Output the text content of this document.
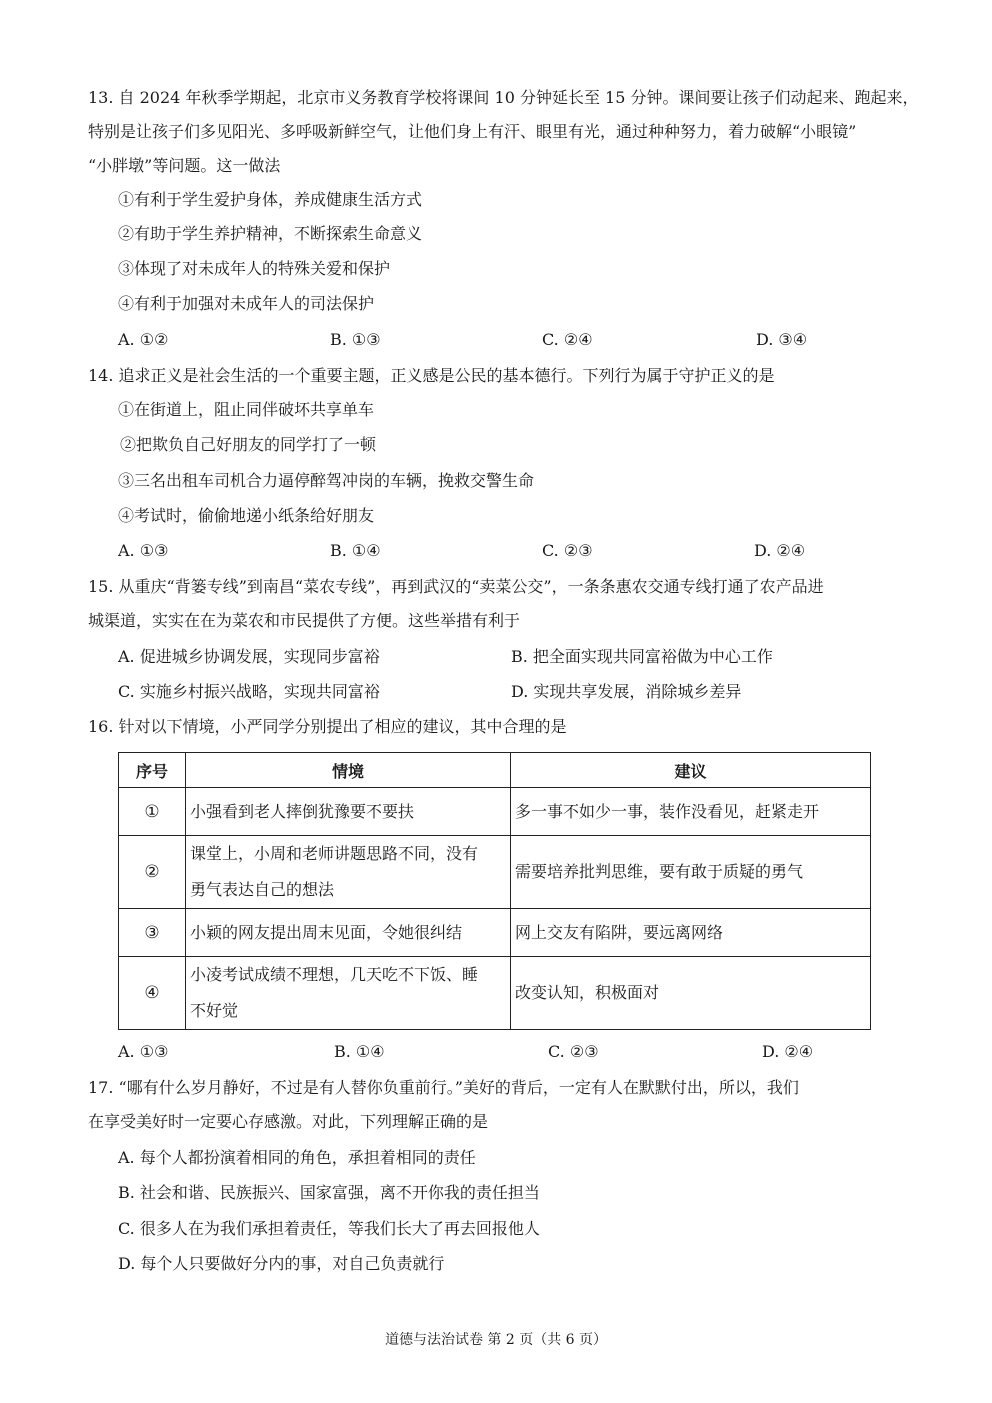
13. 自 2024 年秋季学期起，北京市义务教育学校将课间 10 分钟延长至 15 分钟。课间要让孩子们动起来、跑起来，
特别是让孩子们多见阳光、多呼吸新鲜空气，让他们身上有汗、眼里有光，通过种种努力，着力破解“小眼镜”
“小胖墩”等问题。这一做法
①有利于学生爱护身体，养成健康生活方式
②有助于学生养护精神，不断探索生命意义
③体现了对未成年人的特殊关爱和保护
④有利于加强对未成年人的司法保护
A. ①②	B. ①③	C. ②④	D. ③④
14. 追求正义是社会生活的一个重要主题，正义感是公民的基本德行。下列行为属于守护正义的是
①在街道上，阻止同伴破坏共享单车
②把欺负自己好朋友的同学打了一顿
③三名出租车司机合力逼停醉驾冲岗的车辆，挽救交警生命
④考试时，偷偷地递小纸条给好朋友
A. ①③	B. ①④	C. ②③	D. ②④
15. 从重庆“背篓专线”到南昌“菜农专线”，再到武汉的“卖菜公交”，一条条惠农交通专线打通了农产品进
城渠道，实实在在为菜农和市民提供了方便。这些举措有利于
A. 促进城乡协调发展，实现同步富裕	B. 把全面实现共同富裕做为中心工作
C. 实施乡村振兴战略，实现共同富裕	D. 实现共享发展，消除城乡差异
16. 针对以下情境，小严同学分别提出了相应的建议，其中合理的是
序号	情境	建议
①	小强看到老人摔倒犹豫要不要扶	多一事不如少一事，装作没看见，赶紧走开
②	课堂上，小周和老师讲题思路不同，没有
勇气表达自己的想法	需要培养批判思维，要有敢于质疑的勇气
③	小颖的网友提出周末见面，令她很纠结	网上交友有陷阱，要远离网络
④	小凌考试成绩不理想，几天吃不下饭、睡
不好觉	改变认知，积极面对
A. ①③	B. ①④	C. ②③	D. ②④
17. “哪有什么岁月静好，不过是有人替你负重前行。”美好的背后，一定有人在默默付出，所以，我们
在享受美好时一定要心存感激。对此，下列理解正确的是
A. 每个人都扮演着相同的角色，承担着相同的责任
B. 社会和谐、民族振兴、国家富强，离不开你我的责任担当
C. 很多人在为我们承担着责任，等我们长大了再去回报他人
D. 每个人只要做好分内的事，对自己负责就行
道德与法治试卷 第 2 页（共 6 页）
